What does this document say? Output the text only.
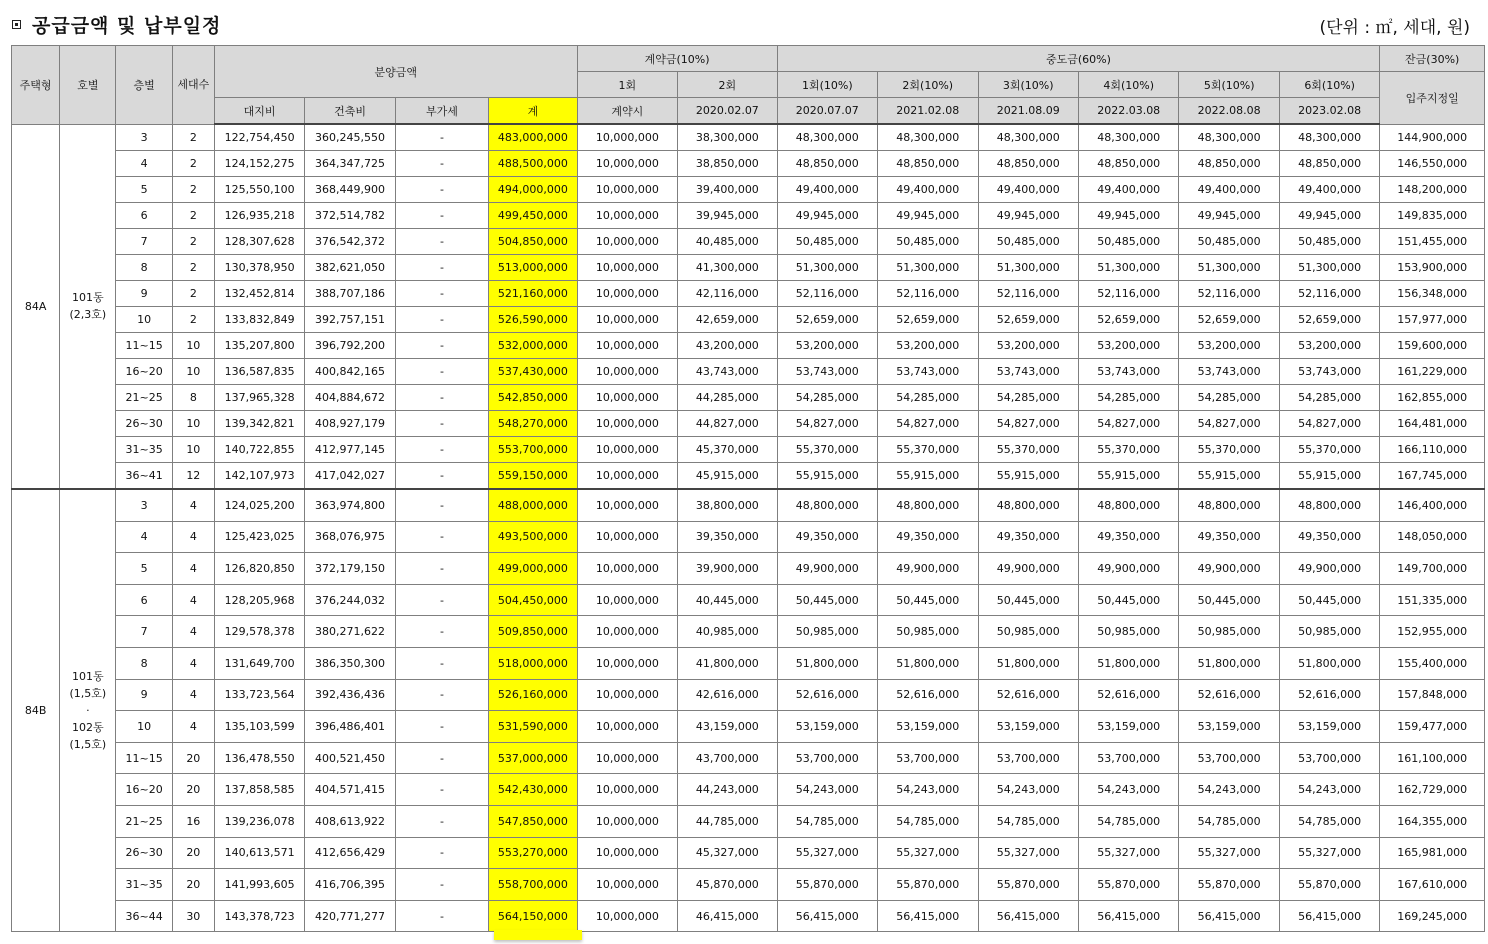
공급금액 및 납부일정	(단위 : ㎡, 세대, 원)
주택형	호별	층별	세대수	분양금액				계약금(10%)		중도금(60%)						잔금(30%)
								1회	2회	1회(10%)	2회(10%)	3회(10%)	4회(10%)	5회(10%)	6회(10%)	입주지정일
				대지비	건축비	부가세	계	계약시	2020.02.07	2020.07.07	2021.02.08	2021.08.09	2022.03.08	2022.08.08	2023.02.08	
84A	101동
(2,3호)	3	2	122,754,450	360,245,550	-	483,000,000	10,000,000	38,300,000	48,300,000	48,300,000	48,300,000	48,300,000	48,300,000	48,300,000	144,900,000
		4	2	124,152,275	364,347,725	-	488,500,000	10,000,000	38,850,000	48,850,000	48,850,000	48,850,000	48,850,000	48,850,000	48,850,000	146,550,000
		5	2	125,550,100	368,449,900	-	494,000,000	10,000,000	39,400,000	49,400,000	49,400,000	49,400,000	49,400,000	49,400,000	49,400,000	148,200,000
		6	2	126,935,218	372,514,782	-	499,450,000	10,000,000	39,945,000	49,945,000	49,945,000	49,945,000	49,945,000	49,945,000	49,945,000	149,835,000
		7	2	128,307,628	376,542,372	-	504,850,000	10,000,000	40,485,000	50,485,000	50,485,000	50,485,000	50,485,000	50,485,000	50,485,000	151,455,000
		8	2	130,378,950	382,621,050	-	513,000,000	10,000,000	41,300,000	51,300,000	51,300,000	51,300,000	51,300,000	51,300,000	51,300,000	153,900,000
		9	2	132,452,814	388,707,186	-	521,160,000	10,000,000	42,116,000	52,116,000	52,116,000	52,116,000	52,116,000	52,116,000	52,116,000	156,348,000
		10	2	133,832,849	392,757,151	-	526,590,000	10,000,000	42,659,000	52,659,000	52,659,000	52,659,000	52,659,000	52,659,000	52,659,000	157,977,000
		11~15	10	135,207,800	396,792,200	-	532,000,000	10,000,000	43,200,000	53,200,000	53,200,000	53,200,000	53,200,000	53,200,000	53,200,000	159,600,000
		16~20	10	136,587,835	400,842,165	-	537,430,000	10,000,000	43,743,000	53,743,000	53,743,000	53,743,000	53,743,000	53,743,000	53,743,000	161,229,000
		21~25	8	137,965,328	404,884,672	-	542,850,000	10,000,000	44,285,000	54,285,000	54,285,000	54,285,000	54,285,000	54,285,000	54,285,000	162,855,000
		26~30	10	139,342,821	408,927,179	-	548,270,000	10,000,000	44,827,000	54,827,000	54,827,000	54,827,000	54,827,000	54,827,000	54,827,000	164,481,000
		31~35	10	140,722,855	412,977,145	-	553,700,000	10,000,000	45,370,000	55,370,000	55,370,000	55,370,000	55,370,000	55,370,000	55,370,000	166,110,000
		36~41	12	142,107,973	417,042,027	-	559,150,000	10,000,000	45,915,000	55,915,000	55,915,000	55,915,000	55,915,000	55,915,000	55,915,000	167,745,000
84B	101동
(1,5호)
·
102동
(1,5호)	3	4	124,025,200	363,974,800	-	488,000,000	10,000,000	38,800,000	48,800,000	48,800,000	48,800,000	48,800,000	48,800,000	48,800,000	146,400,000
		4	4	125,423,025	368,076,975	-	493,500,000	10,000,000	39,350,000	49,350,000	49,350,000	49,350,000	49,350,000	49,350,000	49,350,000	148,050,000
		5	4	126,820,850	372,179,150	-	499,000,000	10,000,000	39,900,000	49,900,000	49,900,000	49,900,000	49,900,000	49,900,000	49,900,000	149,700,000
		6	4	128,205,968	376,244,032	-	504,450,000	10,000,000	40,445,000	50,445,000	50,445,000	50,445,000	50,445,000	50,445,000	50,445,000	151,335,000
		7	4	129,578,378	380,271,622	-	509,850,000	10,000,000	40,985,000	50,985,000	50,985,000	50,985,000	50,985,000	50,985,000	50,985,000	152,955,000
		8	4	131,649,700	386,350,300	-	518,000,000	10,000,000	41,800,000	51,800,000	51,800,000	51,800,000	51,800,000	51,800,000	51,800,000	155,400,000
		9	4	133,723,564	392,436,436	-	526,160,000	10,000,000	42,616,000	52,616,000	52,616,000	52,616,000	52,616,000	52,616,000	52,616,000	157,848,000
		10	4	135,103,599	396,486,401	-	531,590,000	10,000,000	43,159,000	53,159,000	53,159,000	53,159,000	53,159,000	53,159,000	53,159,000	159,477,000
		11~15	20	136,478,550	400,521,450	-	537,000,000	10,000,000	43,700,000	53,700,000	53,700,000	53,700,000	53,700,000	53,700,000	53,700,000	161,100,000
		16~20	20	137,858,585	404,571,415	-	542,430,000	10,000,000	44,243,000	54,243,000	54,243,000	54,243,000	54,243,000	54,243,000	54,243,000	162,729,000
		21~25	16	139,236,078	408,613,922	-	547,850,000	10,000,000	44,785,000	54,785,000	54,785,000	54,785,000	54,785,000	54,785,000	54,785,000	164,355,000
		26~30	20	140,613,571	412,656,429	-	553,270,000	10,000,000	45,327,000	55,327,000	55,327,000	55,327,000	55,327,000	55,327,000	55,327,000	165,981,000
		31~35	20	141,993,605	416,706,395	-	558,700,000	10,000,000	45,870,000	55,870,000	55,870,000	55,870,000	55,870,000	55,870,000	55,870,000	167,610,000
		36~44	30	143,378,723	420,771,277	-	564,150,000	10,000,000	46,415,000	56,415,000	56,415,000	56,415,000	56,415,000	56,415,000	56,415,000	169,245,000
